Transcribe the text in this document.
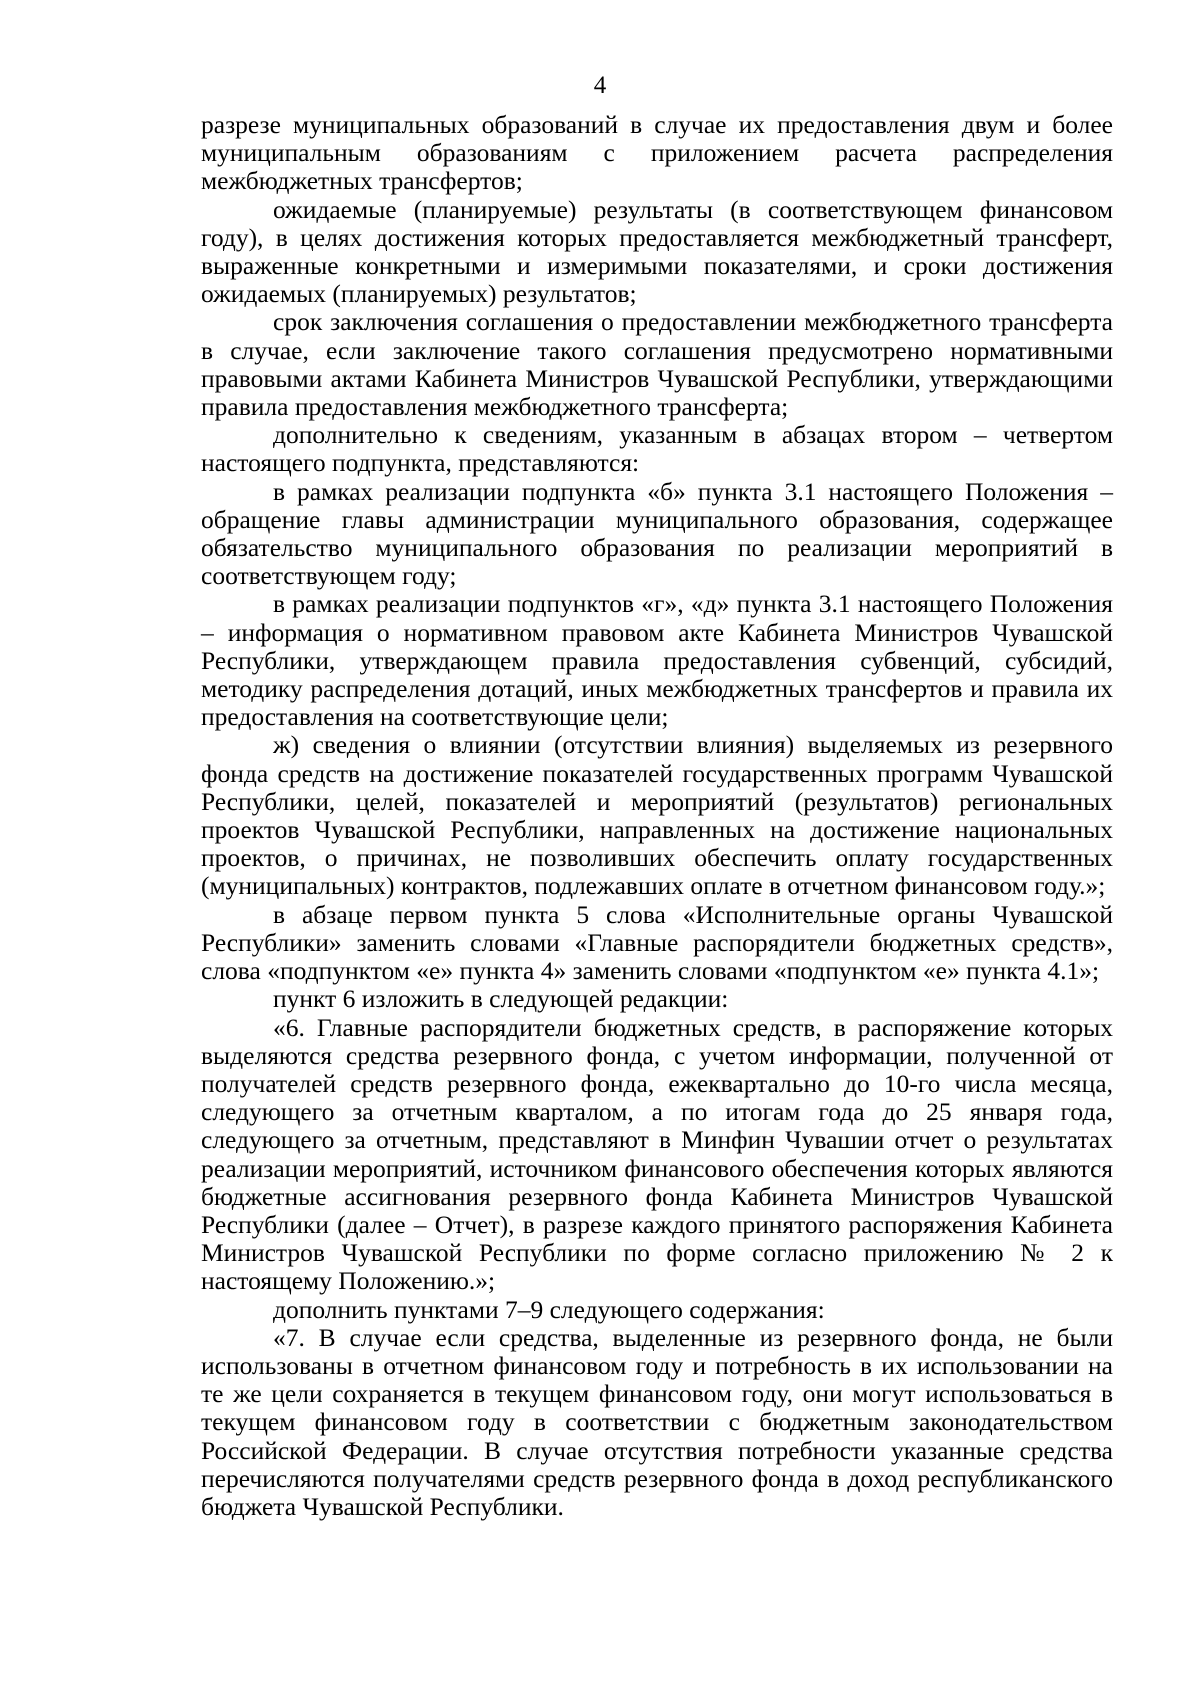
4

разрезе муниципальных образований в случае их предоставления двум и более муниципальным образованиям с приложением расчета распределения межбюджетных трансфертов;

ожидаемые (планируемые) результаты (в соответствующем финансовом году), в целях достижения которых предоставляется межбюджетный трансферт, выраженные конкретными и измеримыми показателями, и сроки достижения ожидаемых (планируемых) результатов;

срок заключения соглашения о предоставлении межбюджетного трансферта в случае, если заключение такого соглашения предусмотрено нормативными правовыми актами Кабинета Министров Чувашской Республики, утверждающими правила предоставления межбюджетного трансферта;

дополнительно к сведениям, указанным в абзацах втором – четвертом настоящего подпункта, представляются:

в рамках реализации подпункта «б» пункта 3.1 настоящего Положения – обращение главы администрации муниципального образования, содержащее обязательство муниципального образования по реализации мероприятий в соответствующем году;

в рамках реализации подпунктов «г», «д» пункта 3.1 настоящего Положения – информация о нормативном правовом акте Кабинета Министров Чувашской Республики, утверждающем правила предоставления субвенций, субсидий, методику распределения дотаций, иных межбюджетных трансфертов и правила их предоставления на соответствующие цели;

ж) сведения о влиянии (отсутствии влияния) выделяемых из резервного фонда средств на достижение показателей государственных программ Чувашской Республики, целей, показателей и мероприятий (результатов) региональных проектов Чувашской Республики, направленных на достижение национальных проектов, о причинах, не позволивших обеспечить оплату государственных (муниципальных) контрактов, подлежавших оплате в отчетном финансовом году.»;

в абзаце первом пункта 5 слова «Исполнительные органы Чувашской Республики» заменить словами «Главные распорядители бюджетных средств», слова «подпунктом «е» пункта 4» заменить словами «подпунктом «е» пункта 4.1»;

пункт 6 изложить в следующей редакции:

«6. Главные распорядители бюджетных средств, в распоряжение которых выделяются средства резервного фонда, с учетом информации, полученной от получателей средств резервного фонда, ежеквартально до 10-го числа месяца, следующего за отчетным кварталом, а по итогам года до 25 января года, следующего за отчетным, представляют в Минфин Чувашии отчет о результатах реализации мероприятий, источником финансового обеспечения которых являются бюджетные ассигнования резервного фонда Кабинета Министров Чувашской Республики (далее – Отчет), в разрезе каждого принятого распоряжения Кабинета Министров Чувашской Республики по форме согласно приложению № 2 к настоящему Положению.»;

дополнить пунктами 7–9 следующего содержания:

«7. В случае если средства, выделенные из резервного фонда, не были использованы в отчетном финансовом году и потребность в их использовании на те же цели сохраняется в текущем финансовом году, они могут использоваться в текущем финансовом году в соответствии с бюджетным законодательством Российской Федерации. В случае отсутствия потребности указанные средства перечисляются получателями средств резервного фонда в доход республиканского бюджета Чувашской Республики.
